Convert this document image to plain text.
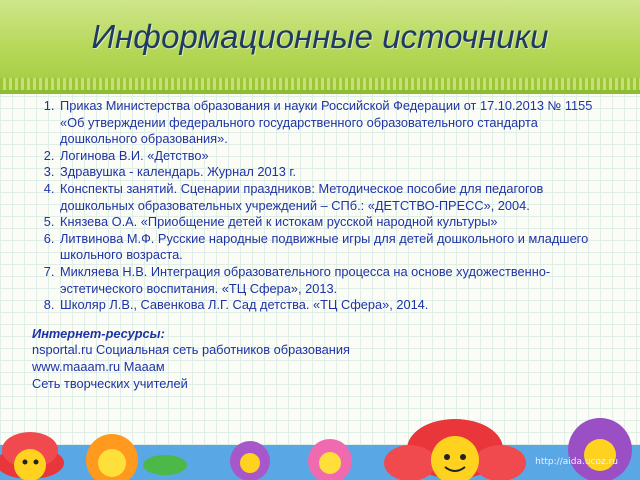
Информационные источники
1. Приказ Министерства образования и науки Российской Федерации от 17.10.2013 № 1155 «Об утверждении федерального государственного образовательного стандарта дошкольного образования».
2. Логинова В.И. «Детство»
3. Здравушка - календарь. Журнал 2013 г.
4. Конспекты занятий. Сценарии праздников: Методическое пособие для педагогов дошкольных образовательных учреждений – СПб.: «ДЕТСТВО-ПРЕСС», 2004.
5. Князева О.А. «Приобщение детей к истокам русской народной культуры»
6. Литвинова М.Ф. Русские народные подвижные игры для детей дошкольного и младшего школьного возраста.
7. Микляева Н.В. Интеграция образовательного процесса на основе художественно-эстетического воспитания. «ТЦ Сфера», 2013.
8. Школяр Л.В., Савенкова Л.Г. Сад детства. «ТЦ Сфера», 2014.
Интернет-ресурсы:
nsportal.ru Социальная сеть работников образования
www.maaam.ru Мааам
Сеть творческих учителей
http://aida.ucoz.ru
